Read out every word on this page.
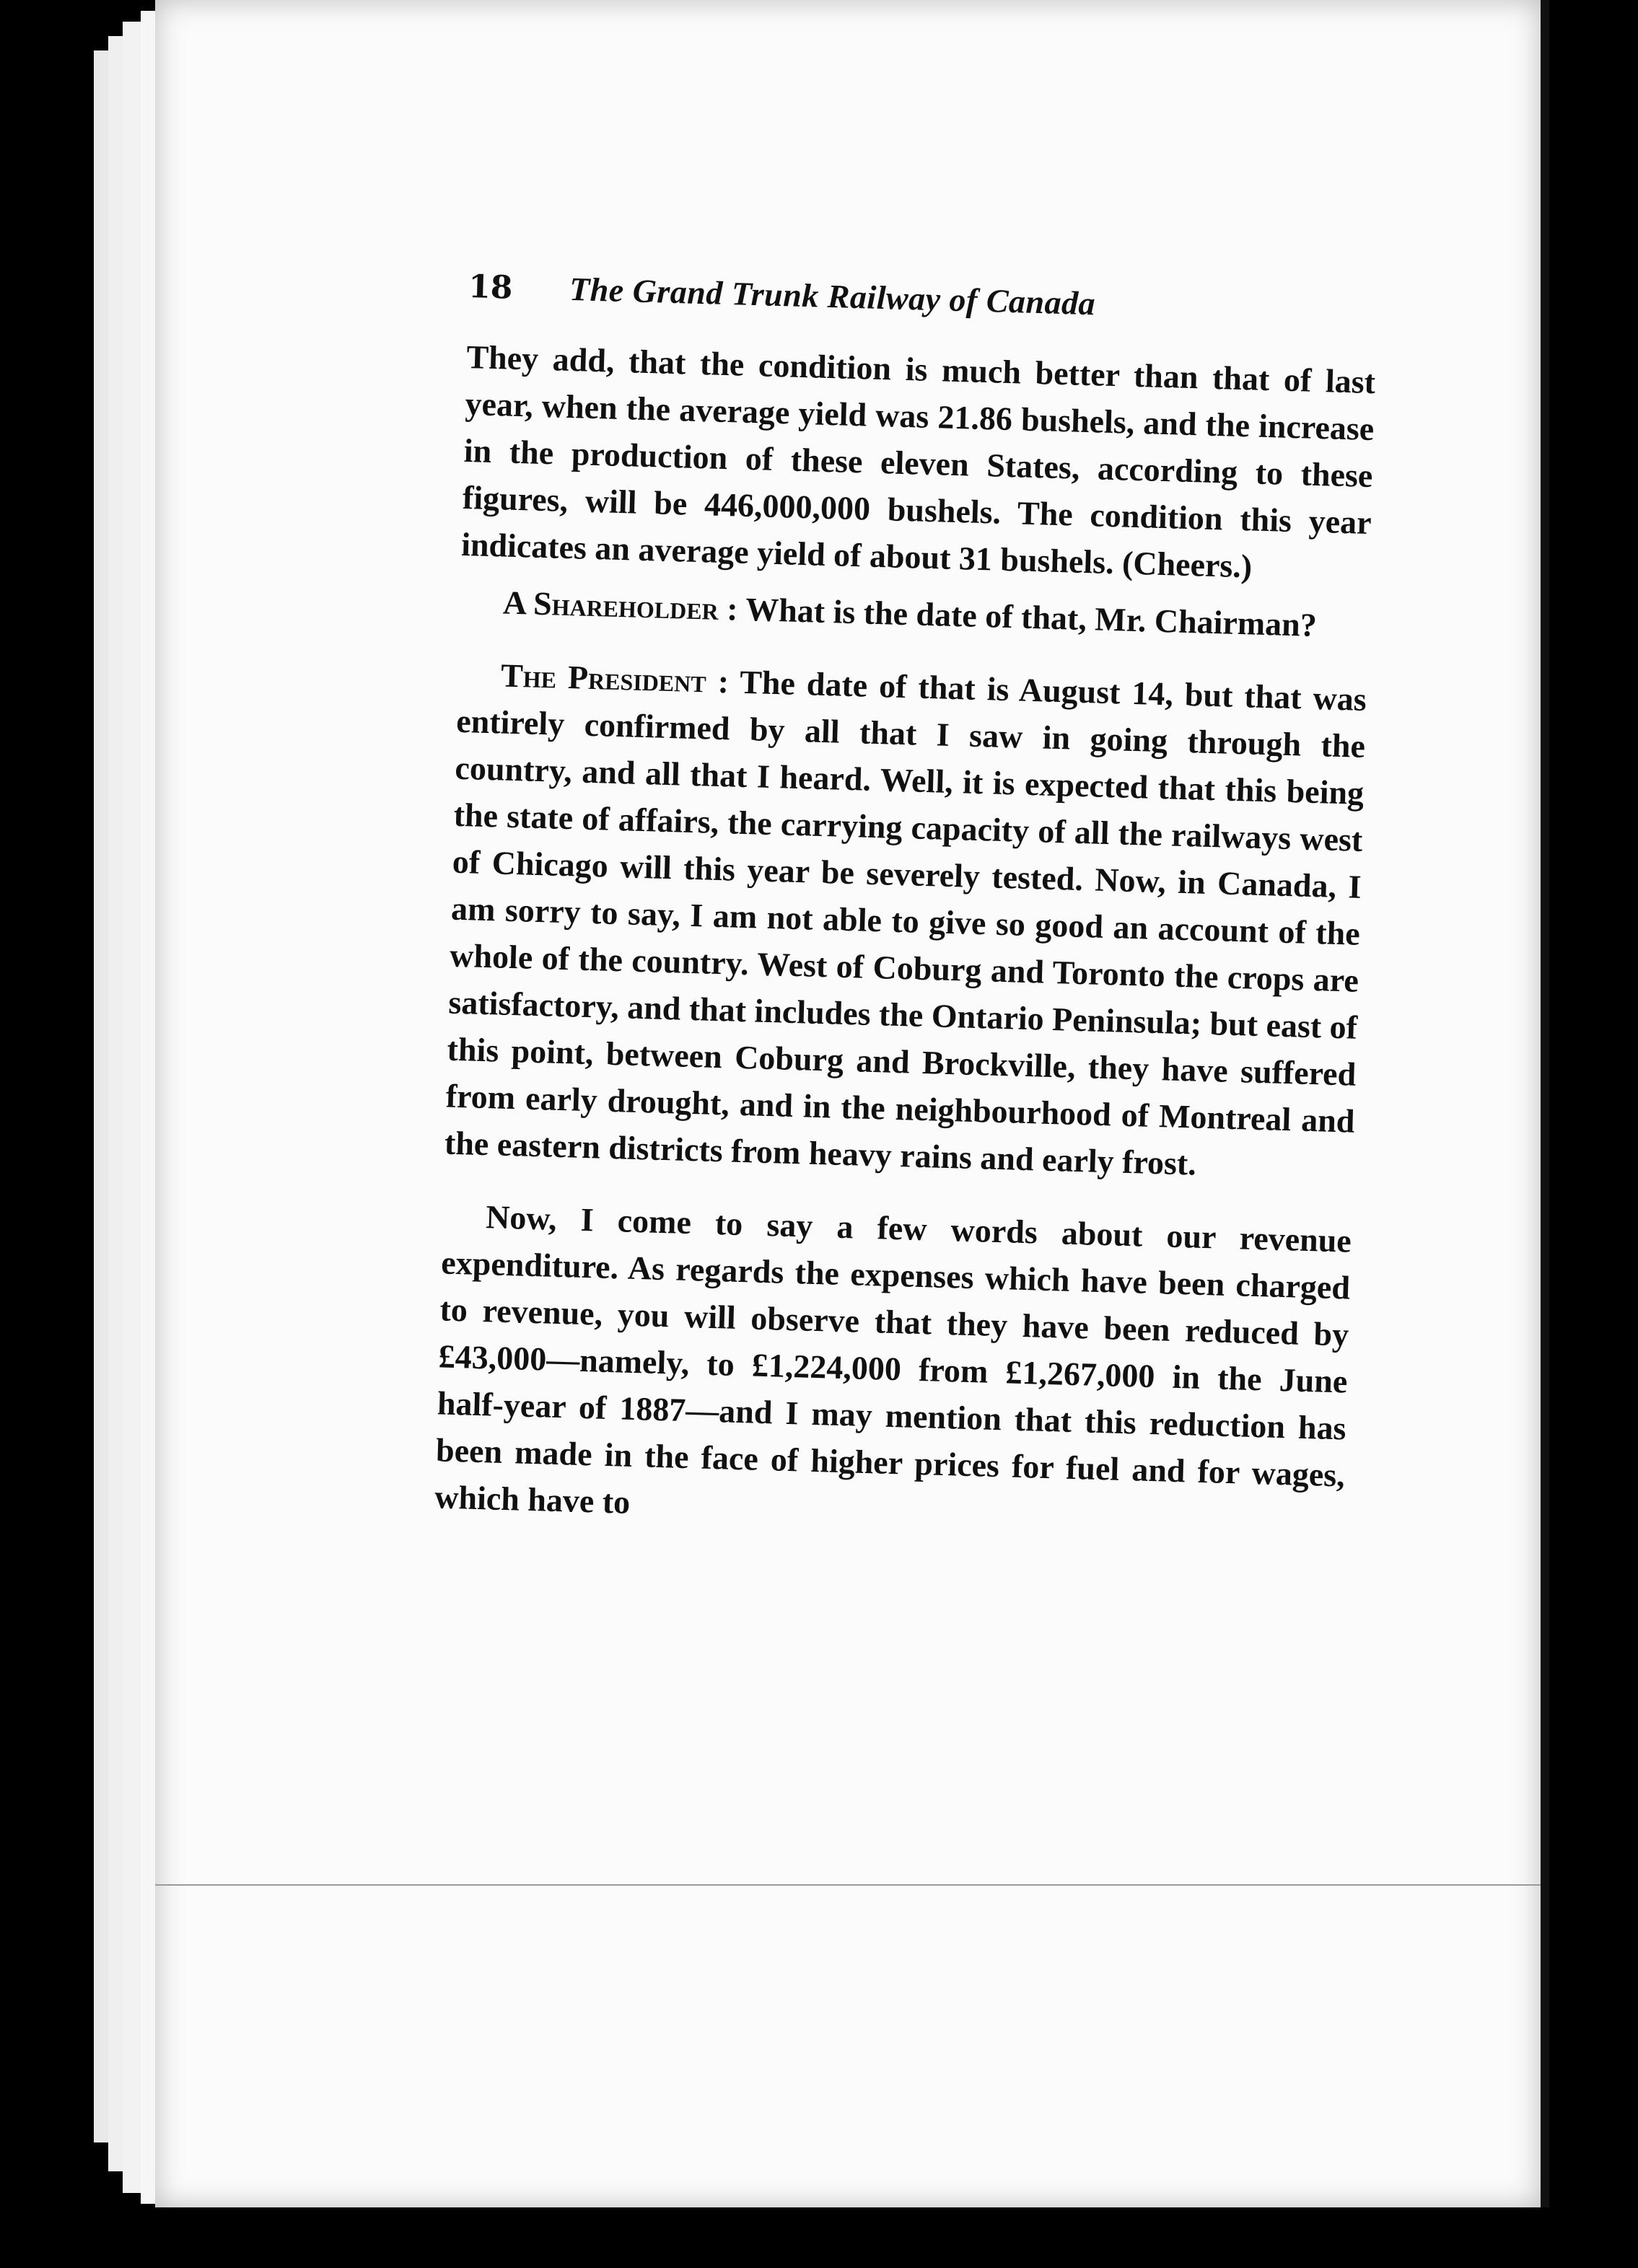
18	The Grand Trunk Railway of Canada

They add, that the condition is much better than that of last year, when the average yield was 21.86 bushels, and the increase in the production of these eleven States, according to these figures, will be 446,000,000 bushels. The condition this year indicates an average yield of about 31 bushels. (Cheers.)

A Shareholder : What is the date of that, Mr. Chairman?

The President : The date of that is August 14, but that was entirely confirmed by all that I saw in going through the country, and all that I heard. Well, it is expected that this being the state of affairs, the carrying capacity of all the railways west of Chicago will this year be severely tested. Now, in Canada, I am sorry to say, I am not able to give so good an account of the whole of the country. West of Coburg and Toronto the crops are satisfactory, and that includes the Ontario Peninsula; but east of this point, between Coburg and Brockville, they have suffered from early drought, and in the neighbourhood of Montreal and the eastern districts from heavy rains and early frost.

Now, I come to say a few words about our revenue expenditure. As regards the expenses which have been charged to revenue, you will observe that they have been reduced by £43,000—namely, to £1,224,000 from £1,267,000 in the June half-year of 1887—and I may mention that this reduction has been made in the face of higher prices for fuel and for wages, which have to
